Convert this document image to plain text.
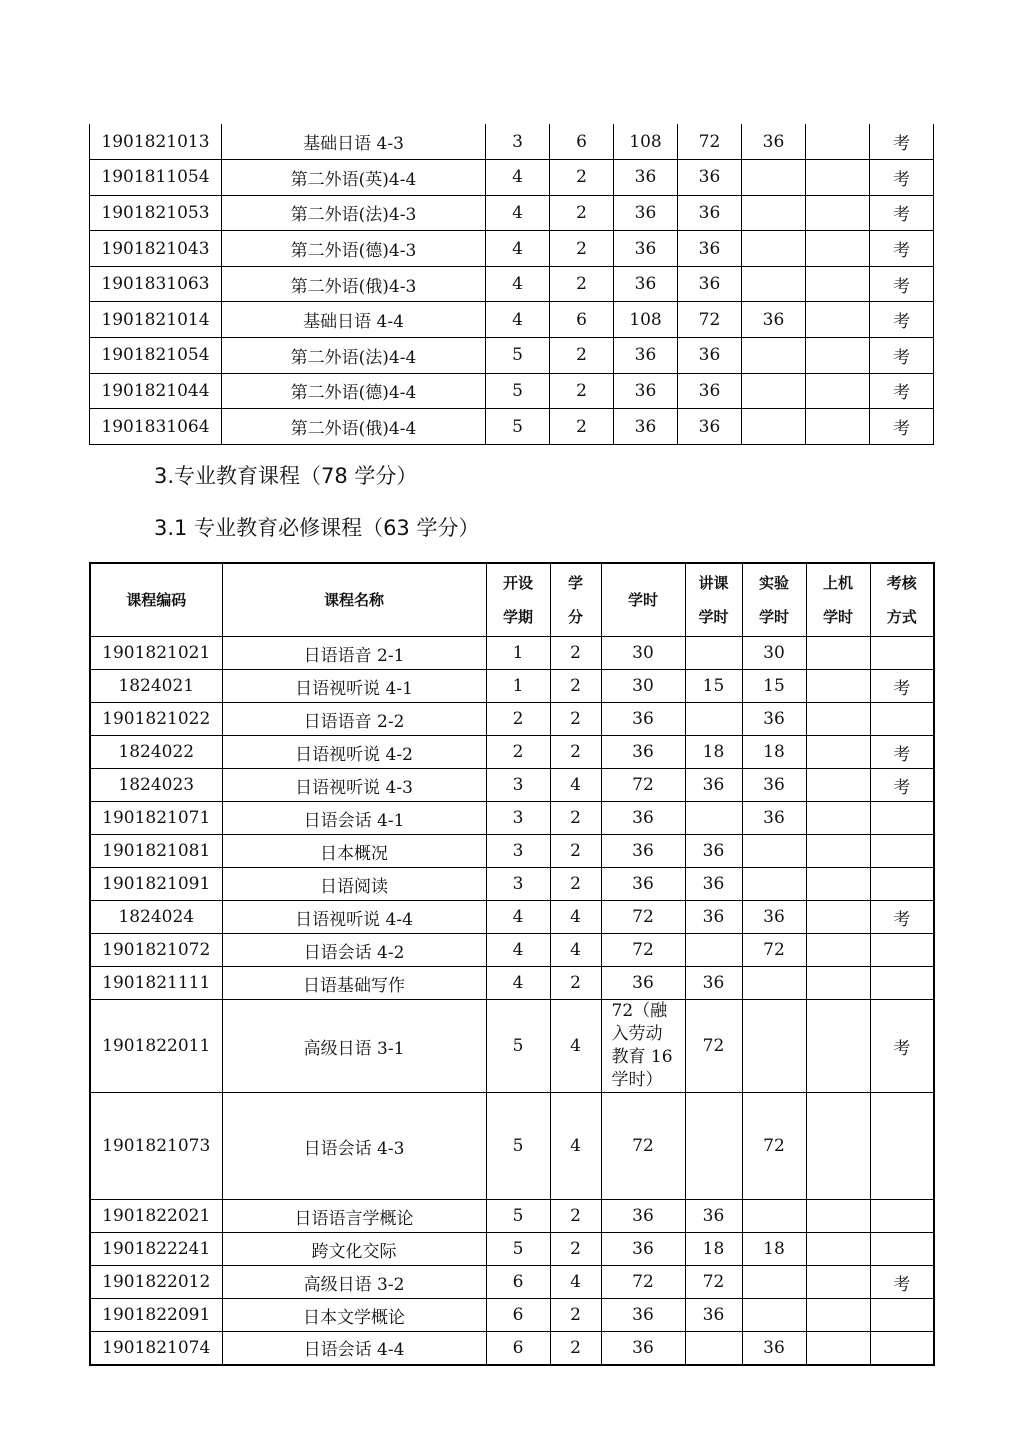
1901821013	基础日语 4-3	3	6	108	72	36		考
1901811054	第二外语(英)4-4	4	2	36	36			考
1901821053	第二外语(法)4-3	4	2	36	36			考
1901821043	第二外语(德)4-3	4	2	36	36			考
1901831063	第二外语(俄)4-3	4	2	36	36			考
1901821014	基础日语 4-4	4	6	108	72	36		考
1901821054	第二外语(法)4-4	5	2	36	36			考
1901821044	第二外语(德)4-4	5	2	36	36			考
1901831064	第二外语(俄)4-4	5	2	36	36			考
3.专业教育课程（78 学分）
3.1 专业教育必修课程（63 学分）
课程编码	课程名称	开设学期	学分	学时	讲课学时	实验学时	上机学时	考核方式
1901821021	日语语音 2-1	1	2	30		30		
1824021	日语视听说 4-1	1	2	30	15	15		考
1901821022	日语语音 2-2	2	2	36		36		
1824022	日语视听说 4-2	2	2	36	18	18		考
1824023	日语视听说 4-3	3	4	72	36	36		考
1901821071	日语会话 4-1	3	2	36		36		
1901821081	日本概况	3	2	36	36			
1901821091	日语阅读	3	2	36	36			
1824024	日语视听说 4-4	4	4	72	36	36		考
1901821072	日语会话 4-2	4	4	72		72		
1901821111	日语基础写作	4	2	36	36			
1901822011	高级日语 3-1	5	4	72（融入劳动教育 16 学时）	72			考
1901821073	日语会话 4-3	5	4	72		72		
1901822021	日语语言学概论	5	2	36	36			
1901822241	跨文化交际	5	2	36	18	18		
1901822012	高级日语 3-2	6	4	72	72			考
1901822091	日本文学概论	6	2	36	36			
1901821074	日语会话 4-4	6	2	36		36		
